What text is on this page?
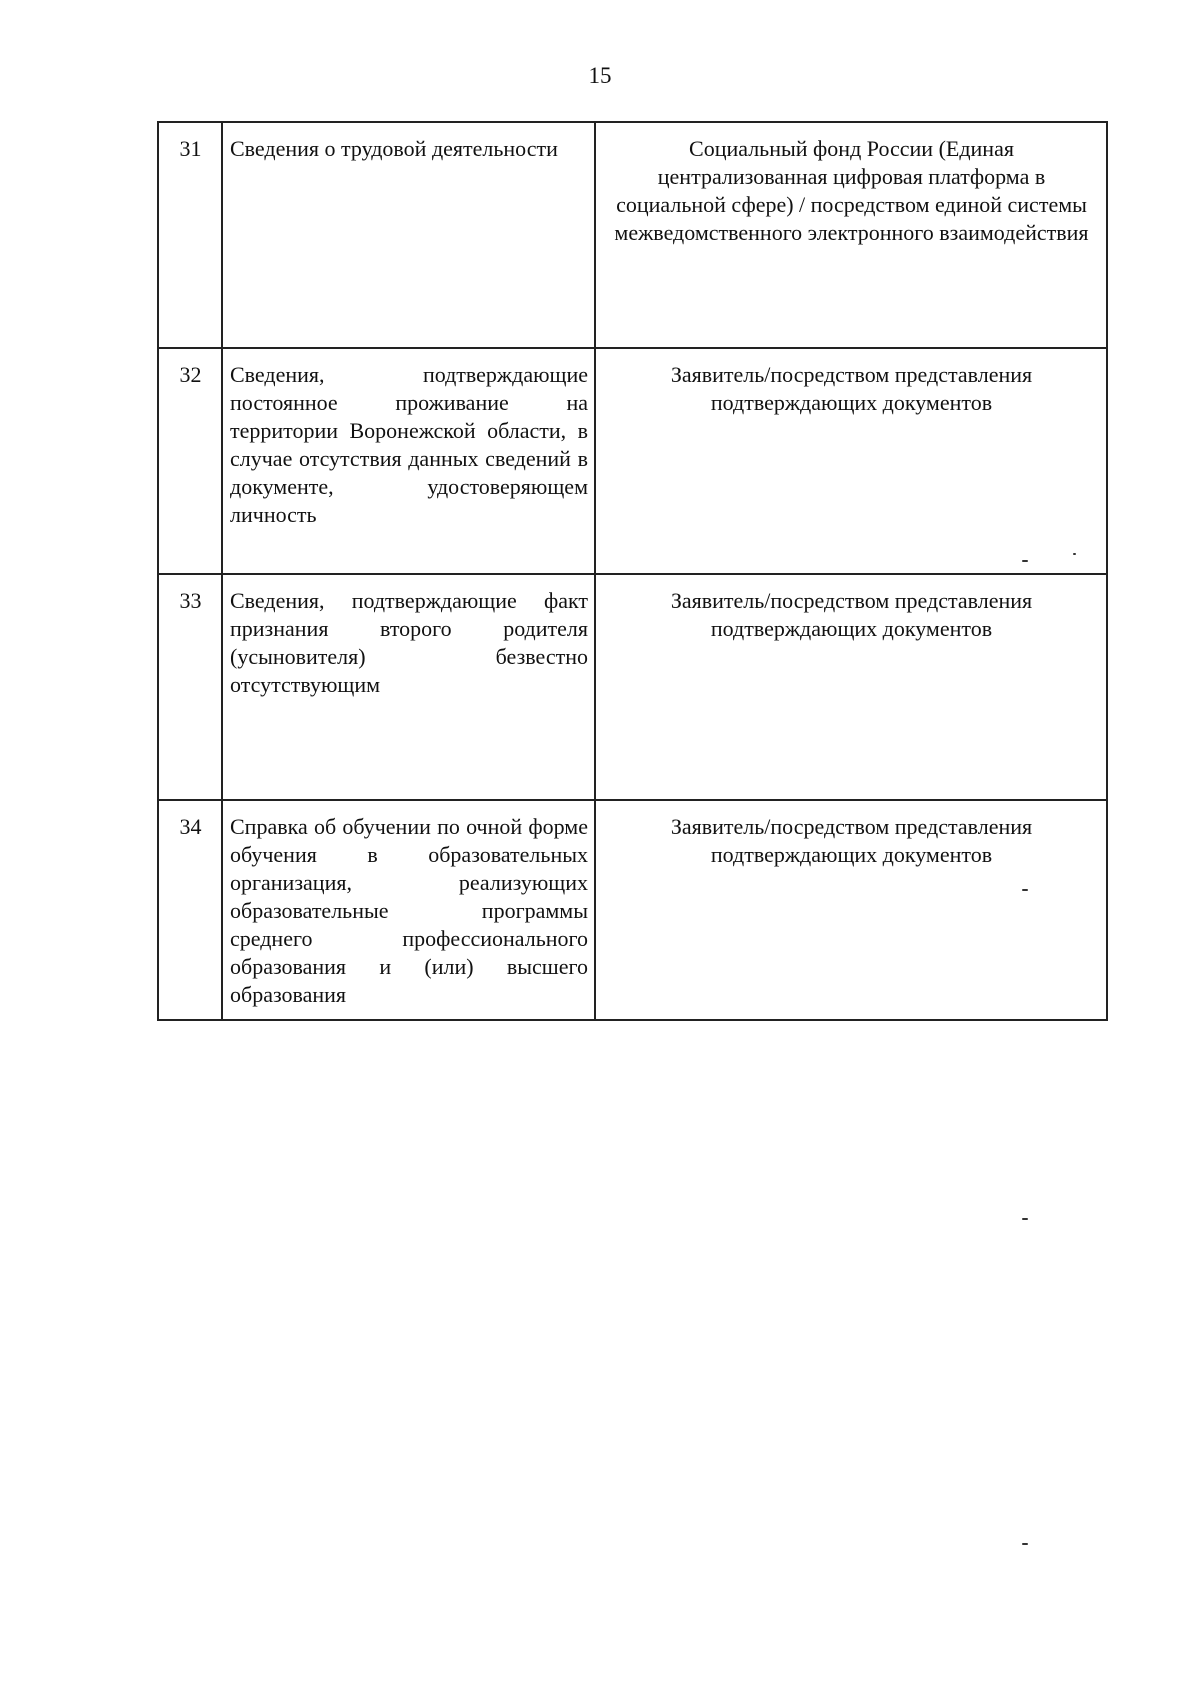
15
31	Сведения о трудовой деятельности	Социальный фонд России (Единая централизованная цифровая платформа в социальной сфере) / посредством единой системы межведомственного электронного взаимодействия
32	Сведения, подтверждающие постоянное проживание на территории Воронежской области, в случае отсутствия данных сведений в документе, удостоверяющем личность	Заявитель/посредством представления подтверждающих документов
33	Сведения, подтверждающие факт признания второго родителя (усыновителя) безвестно отсутствующим	Заявитель/посредством представления подтверждающих документов
34	Справка об обучении по очной форме обучения в образовательных организация, реализующих образовательные программы среднего профессионального образования и (или) высшего образования	Заявитель/посредством представления подтверждающих документов
